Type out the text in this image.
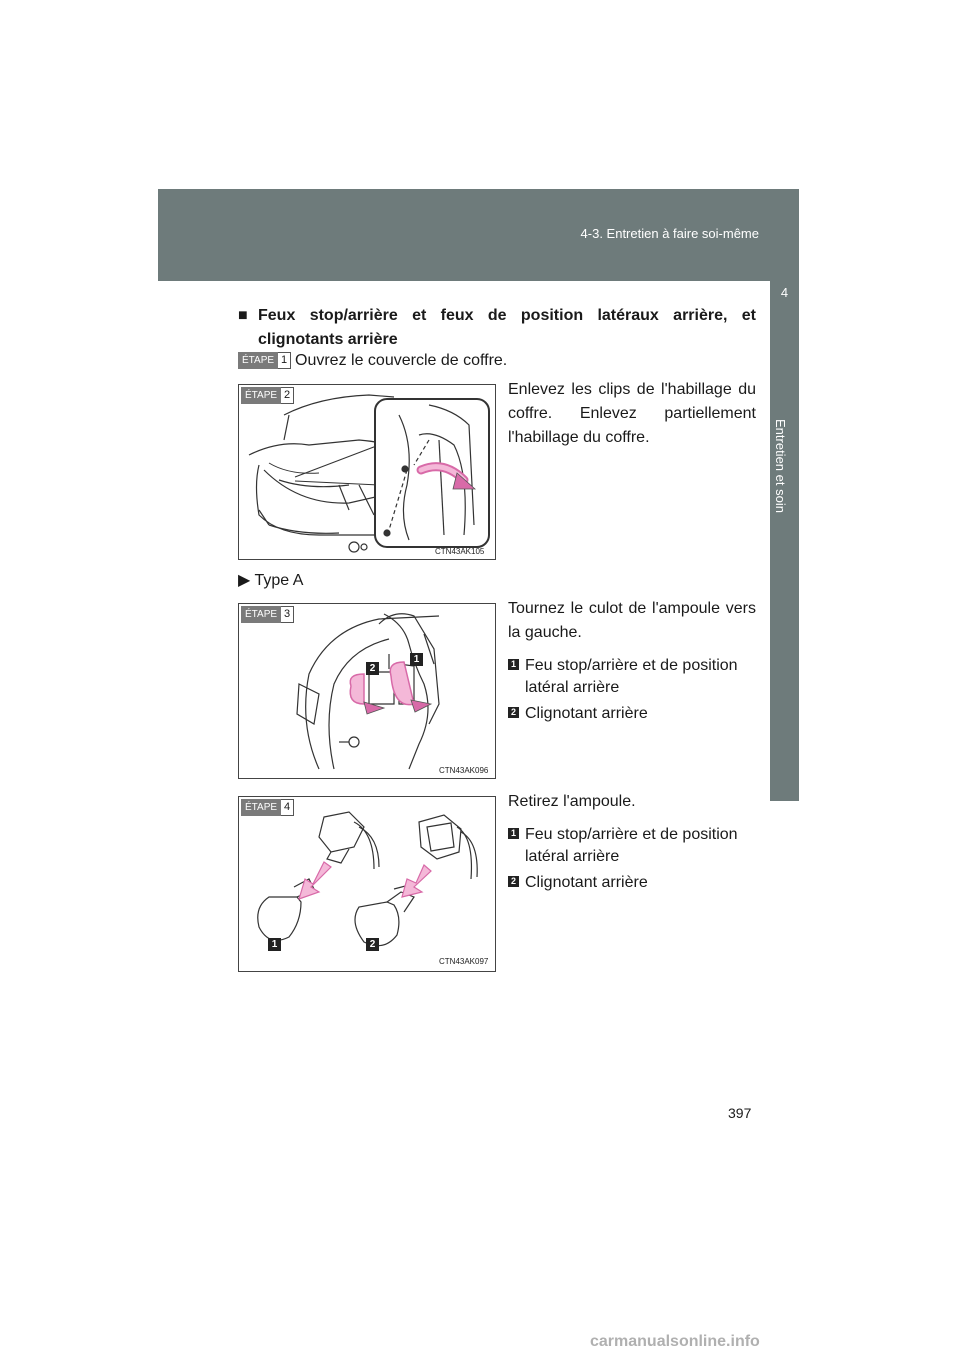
4-3. Entretien à faire soi-même
4
Entretien et soin
■ Feux stop/arrière et feux de position latéraux arrière, et clignotants arrière
ÉTAPE 1 Ouvrez le couvercle de coffre.
ÉTAPE 2
CTN43AK105
Enlevez les clips de l'habillage du coffre. Enlevez partiellement l'habillage du coffre.
▶ Type A
ÉTAPE 3
2
1
CTN43AK096
Tournez le culot de l'ampoule vers la gauche.
1 Feu stop/arrière et de position latéral arrière
2 Clignotant arrière
ÉTAPE 4
1	2
CTN43AK097
Retirez l'ampoule.
1 Feu stop/arrière et de position latéral arrière
2 Clignotant arrière
397
carmanualsonline.info
